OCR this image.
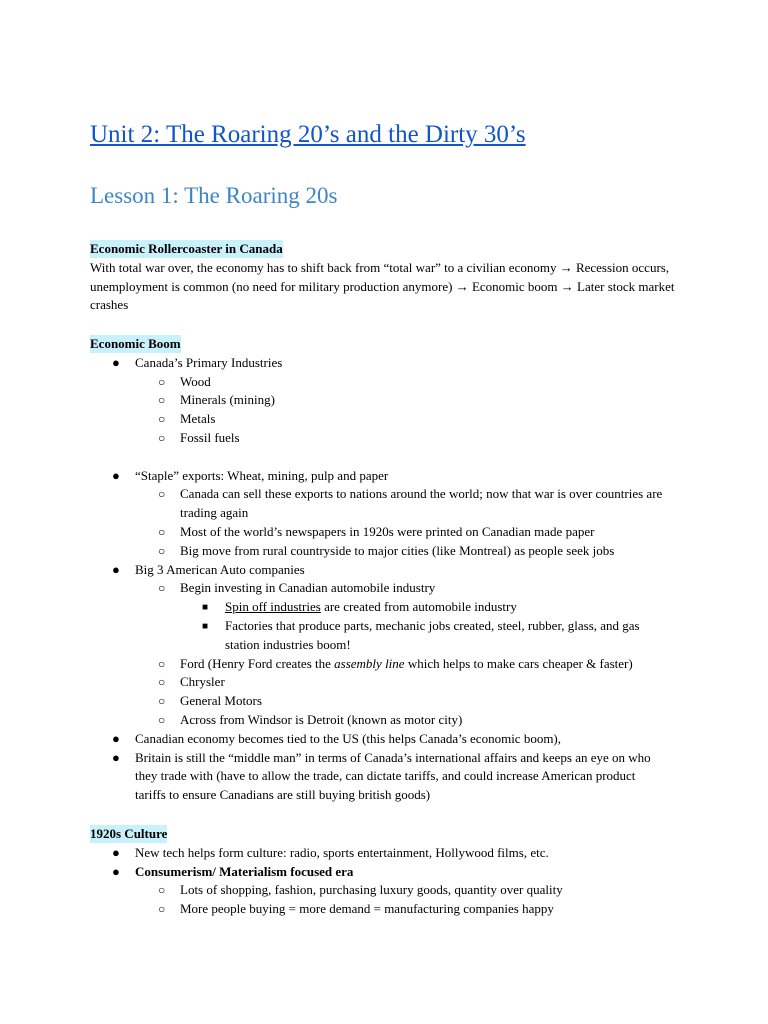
Unit 2: The Roaring 20’s and the Dirty 30’s
Lesson 1: The Roaring 20s
Economic Rollercoaster in Canada

With total war over, the economy has to shift back from “total war” to a civilian economy → Recession occurs, unemployment is common (no need for military production anymore) → Economic boom → Later stock market crashes

Economic Boom
● Canada’s Primary Industries
○ Wood
○ Minerals (mining)
○ Metals
○ Fossil fuels
● “Staple” exports: Wheat, mining, pulp and paper
○ Canada can sell these exports to nations around the world; now that war is over countries are trading again
○ Most of the world’s newspapers in 1920s were printed on Canadian made paper
○ Big move from rural countryside to major cities (like Montreal) as people seek jobs
● Big 3 American Auto companies
○ Begin investing in Canadian automobile industry
■ Spin off industries are created from automobile industry
■ Factories that produce parts, mechanic jobs created, steel, rubber, glass, and gas station industries boom!
○ Ford (Henry Ford creates the assembly line which helps to make cars cheaper & faster)
○ Chrysler
○ General Motors
○ Across from Windsor is Detroit (known as motor city)
● Canadian economy becomes tied to the US (this helps Canada’s economic boom),
● Britain is still the “middle man” in terms of Canada’s international affairs and keeps an eye on who they trade with (have to allow the trade, can dictate tariffs, and could increase American product tariffs to ensure Canadians are still buying british goods)
1920s Culture
● New tech helps form culture: radio, sports entertainment, Hollywood films, etc.
● Consumerism/ Materialism focused era
○ Lots of shopping, fashion, purchasing luxury goods, quantity over quality
○ More people buying = more demand = manufacturing companies happy
